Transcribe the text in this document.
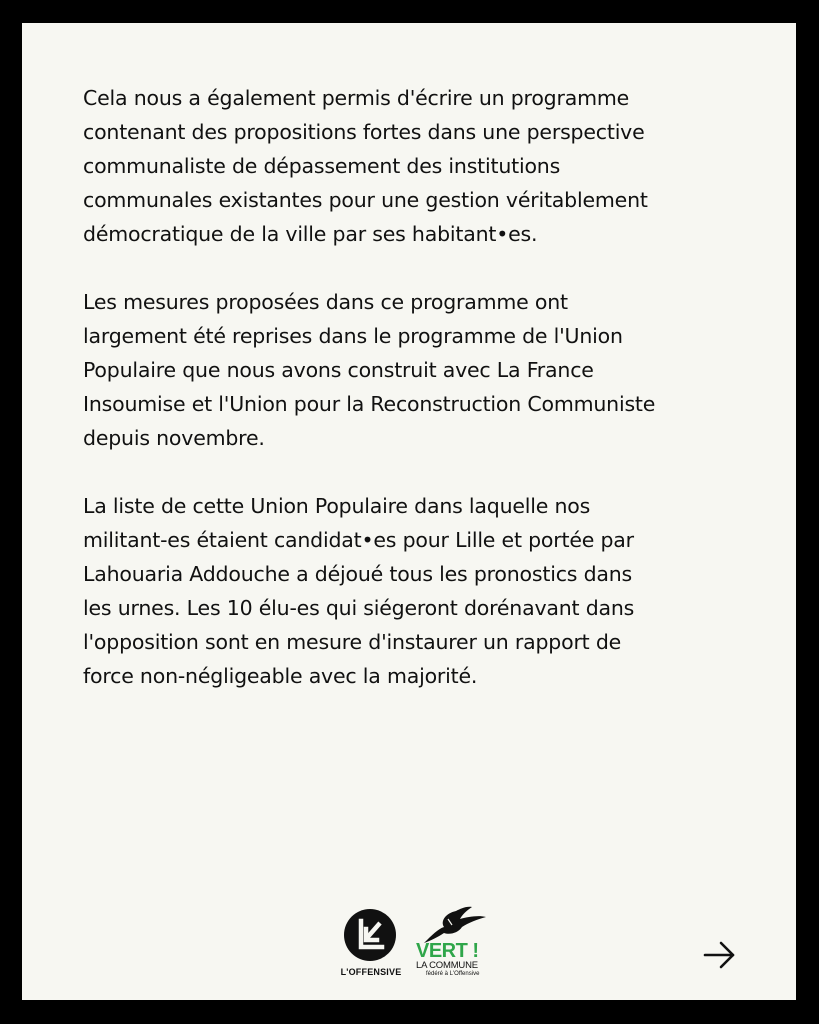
Cela nous a également permis d'écrire un programme
contenant des propositions fortes dans une perspective
communaliste de dépassement des institutions
communales existantes pour une gestion véritablement
démocratique de la ville par ses habitant•es.

Les mesures proposées dans ce programme ont
largement été reprises dans le programme de l'Union
Populaire que nous avons construit avec La France
Insoumise et l'Union pour la Reconstruction Communiste
depuis novembre.

La liste de cette Union Populaire dans laquelle nos
militant-es étaient candidat•es pour Lille et portée par
Lahouaria Addouche a déjoué tous les pronostics dans
les urnes. Les 10 élu-es qui siégeront dorénavant dans
l'opposition sont en mesure d'instaurer un rapport de
force non-négligeable avec la majorité.

L'OFFENSIVE
VERT !
LA COMMUNE
fédéré à L'Offensive
